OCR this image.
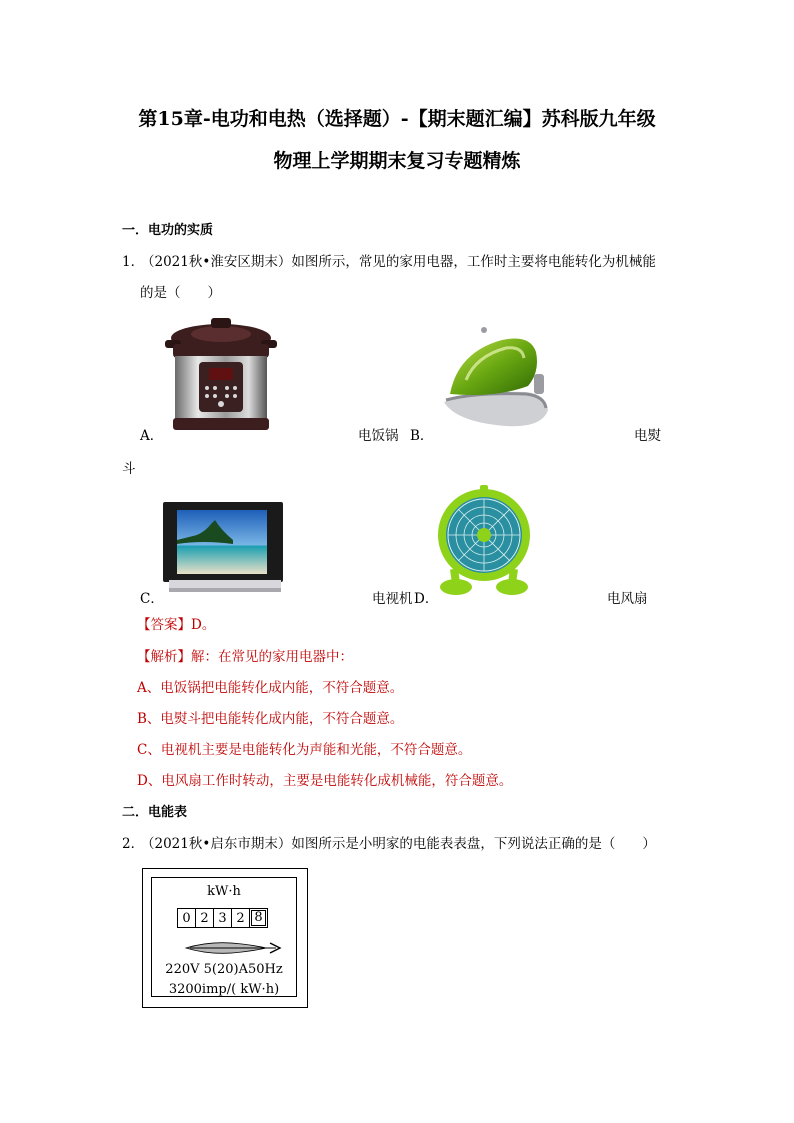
第15章-电功和电热（选择题）-【期末题汇编】苏科版九年级
物理上学期期末复习专题精炼
一．电功的实质
1．
（2021秋•淮安区期末）如图所示，常见的家用电器，工作时主要将电能转化为机械能
的是（　　）
A．	电饭锅 B．	电熨
斗
C．	电视机 D．	电风扇
【答案】D。
【解析】解：在常见的家用电器中：
A、电饭锅把电能转化成内能，不符合题意。
B、电熨斗把电能转化成内能，不符合题意。
C、电视机主要是电能转化为声能和光能，不符合题意。
D、电风扇工作时转动，主要是电能转化成机械能，符合题意。
二．电能表
2．
（2021秋•启东市期末）如图所示是小明家的电能表表盘，下列说法正确的是（　　）
kW·h
0 2 3 2 8
220V 5(20)A50Hz
3200imp/( kW·h)
